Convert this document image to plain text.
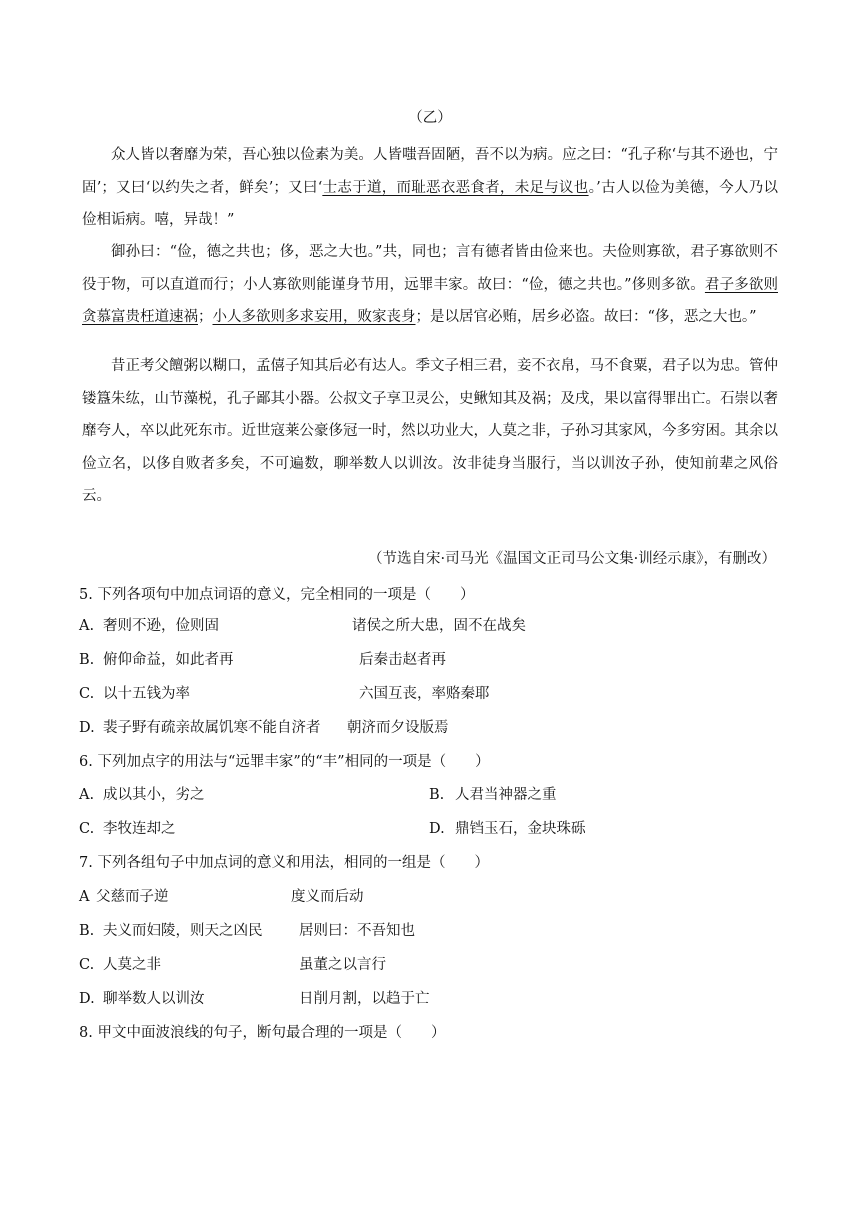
（乙）

众人皆以奢靡为荣，吾心独以俭素为美。人皆嗤吾固陋，吾不以为病。应之曰：“孔子称‘与其不逊也，宁固’；又曰‘以约失之者，鲜矣’；又曰‘士志于道，而耻恶衣恶食者，未足与议也。’古人以俭为美德，今人乃以俭相诟病。嘻，异哉！”

御孙曰：“俭，德之共也；侈，恶之大也。”共，同也；言有德者皆由俭来也。夫俭则寡欲，君子寡欲则不役于物，可以直道而行；小人寡欲则能谨身节用，远罪丰家。故曰：“俭，德之共也。”侈则多欲。君子多欲则贪慕富贵枉道速祸；小人多欲则多求妄用，败家丧身；是以居官必贿，居乡必盗。故曰：“侈，恶之大也。”

昔正考父饘粥以糊口，孟僖子知其后必有达人。季文子相三君，妾不衣帛，马不食粟，君子以为忠。管仲镂簋朱纮，山节藻棁，孔子鄙其小器。公叔文子享卫灵公，史鳅知其及祸；及戌，果以富得罪出亡。石崇以奢靡夸人，卒以此死东市。近世寇莱公豪侈冠一时，然以功业大，人莫之非，子孙习其家风，今多穷困。其余以俭立名，以侈自败者多矣，不可遍数，聊举数人以训汝。汝非徒身当服行，当以训汝子孙，使知前辈之风俗云。

（节选自宋·司马光《温国文正司马公文集·训经示康》，有删改）
5. 下列各项句中加点词语的意义，完全相同的一项是（　　）
A. 奢则不逊，俭则固	诸侯之所大患，固不在战矣
B. 俯仰命益，如此者再	后秦击赵者再
C. 以十五钱为率	六国互丧，率赂秦耶
D. 裴子野有疏亲故属饥寒不能自济者 朝济而夕设版焉
6. 下列加点字的用法与“远罪丰家”的“丰”相同的一项是（　　）
A. 成以其小，劣之	B. 人君当神器之重
C. 李牧连却之	D. 鼎铛玉石，金块珠砾
7. 下列各组句子中加点词的意义和用法，相同的一组是（　　）
A 父慈而子逆	度义而后动
B. 夫义而妇陵，则天之凶民	居则曰：不吾知也
C. 人莫之非	虽董之以言行
D. 聊举数人以训汝	日削月割，以趋于亡
8. 甲文中面波浪线的句子，断句最合理的一项是（　　）
